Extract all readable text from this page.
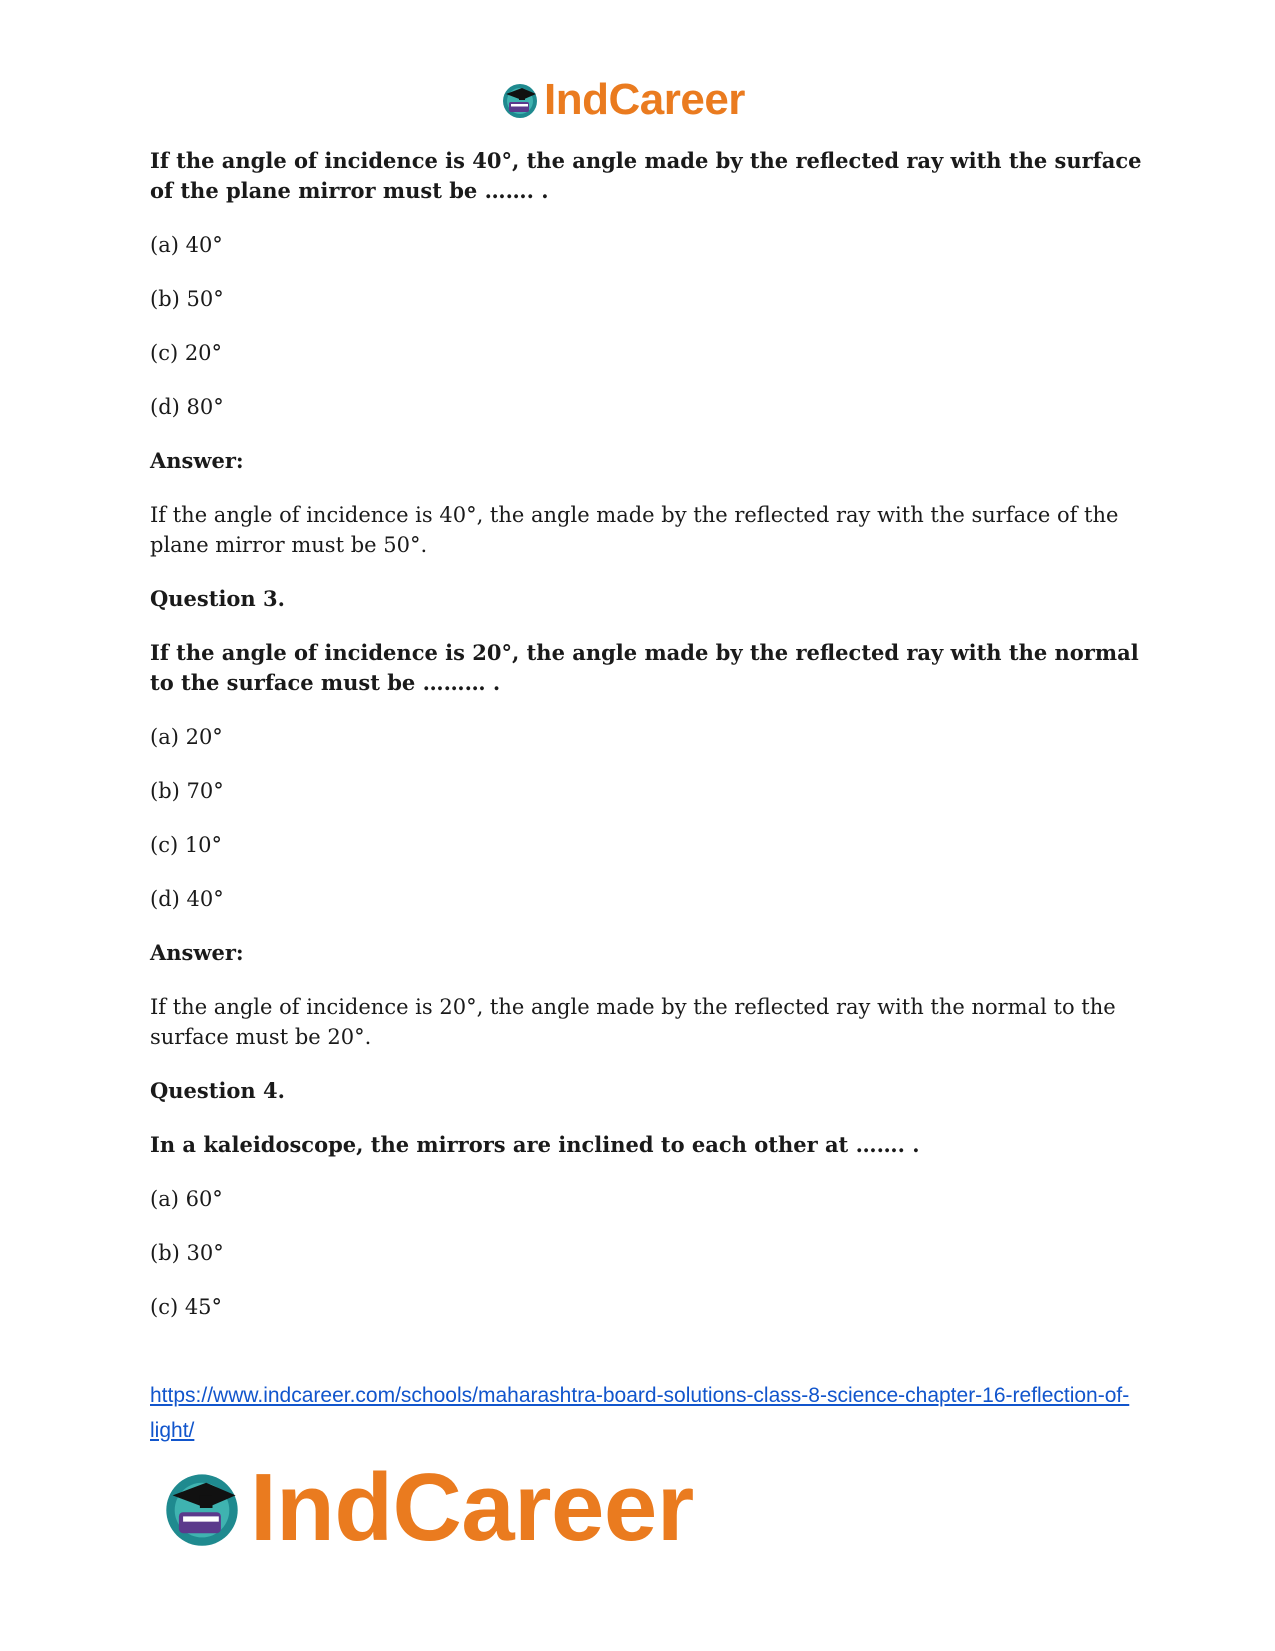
IndCareer

If the angle of incidence is 40°, the angle made by the reflected ray with the surface of the plane mirror must be ……. .

(a) 40°

(b) 50°

(c) 20°

(d) 80°

Answer:

If the angle of incidence is 40°, the angle made by the reflected ray with the surface of the plane mirror must be 50°.

Question 3.

If the angle of incidence is 20°, the angle made by the reflected ray with the normal to the surface must be ……… .

(a) 20°

(b) 70°

(c) 10°

(d) 40°

Answer:

If the angle of incidence is 20°, the angle made by the reflected ray with the normal to the surface must be 20°.

Question 4.

In a kaleidoscope, the mirrors are inclined to each other at ……. .

(a) 60°

(b) 30°

(c) 45°

https://www.indcareer.com/schools/maharashtra-board-solutions-class-8-science-chapter-16-reflection-of-light/
IndCareer
